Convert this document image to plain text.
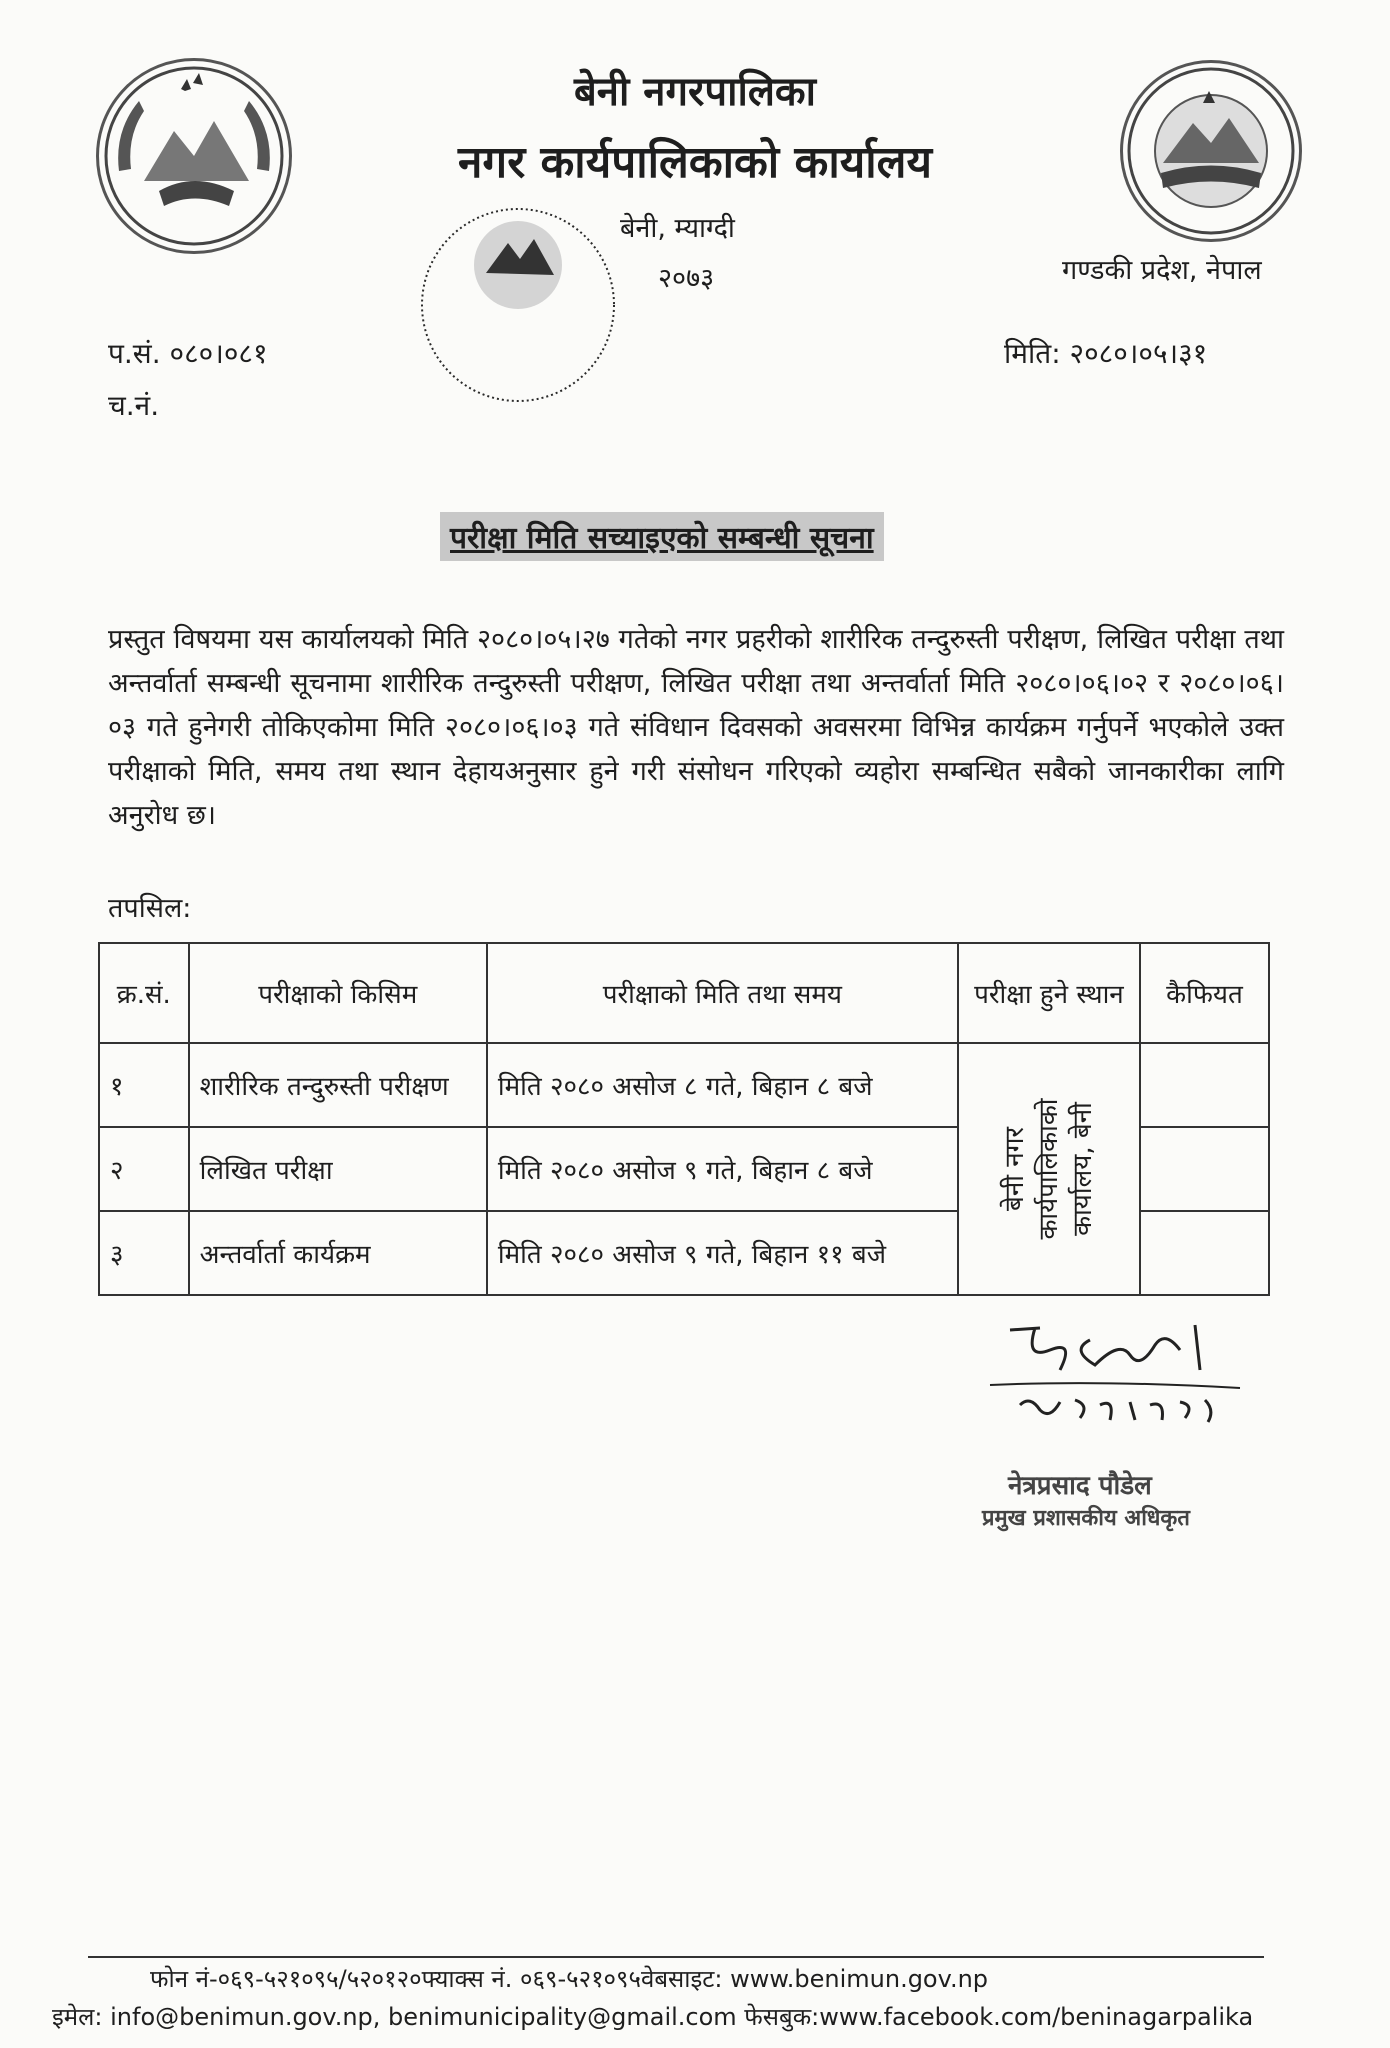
बेनी नगरपालिका
नगर कार्यपालिकाको कार्यालय
बेनी, म्याग्दी
२०७३	गण्डकी प्रदेश, नेपाल
प.सं. ०८०।०८१
च.नं.
मिति: २०८०।०५।३१
परीक्षा मिति सच्याइएको सम्बन्धी सूचना

प्रस्तुत विषयमा यस कार्यालयको मिति २०८०।०५।२७ गतेको नगर प्रहरीको शारीरिक तन्दुरुस्ती परीक्षण, लिखित परीक्षा तथा अन्तर्वार्ता सम्बन्धी सूचनामा शारीरिक तन्दुरुस्ती परीक्षण, लिखित परीक्षा तथा अन्तर्वार्ता मिति २०८०।०६।०२ र २०८०।०६।०३ गते हुनेगरी तोकिएकोमा मिति २०८०।०६।०३ गते संविधान दिवसको अवसरमा विभिन्न कार्यक्रम गर्नुपर्ने भएकोले उक्त परीक्षाको मिति, समय तथा स्थान देहायअनुसार हुने गरी संसोधन गरिएको व्यहोरा सम्बन्धित सबैको जानकारीका लागि अनुरोध छ।

तपसिल:
क्र.सं.	परीक्षाको किसिम	परीक्षाको मिति तथा समय	परीक्षा हुने स्थान	कैफियत
१	शारीरिक तन्दुरुस्ती परीक्षण	मिति २०८० असोज ८ गते, बिहान ८ बजे	बेनी नगर कार्यपालिकाको कार्यालय, बेनी	
२	लिखित परीक्षा	मिति २०८० असोज ९ गते, बिहान ८ बजे		
३	अन्तर्वार्ता कार्यक्रम	मिति २०८० असोज ९ गते, बिहान ११ बजे		
नेत्रप्रसाद पौडेल
प्रमुख प्रशासकीय अधिकृत
फोन नं-०६९-५२१०९५/५२०१२०फ्याक्स नं. ०६९-५२१०९५वेबसाइट: www.benimun.gov.np
इमेल: info@benimun.gov.np, benimunicipality@gmail.com फेसबुक:www.facebook.com/beninagarpalika
